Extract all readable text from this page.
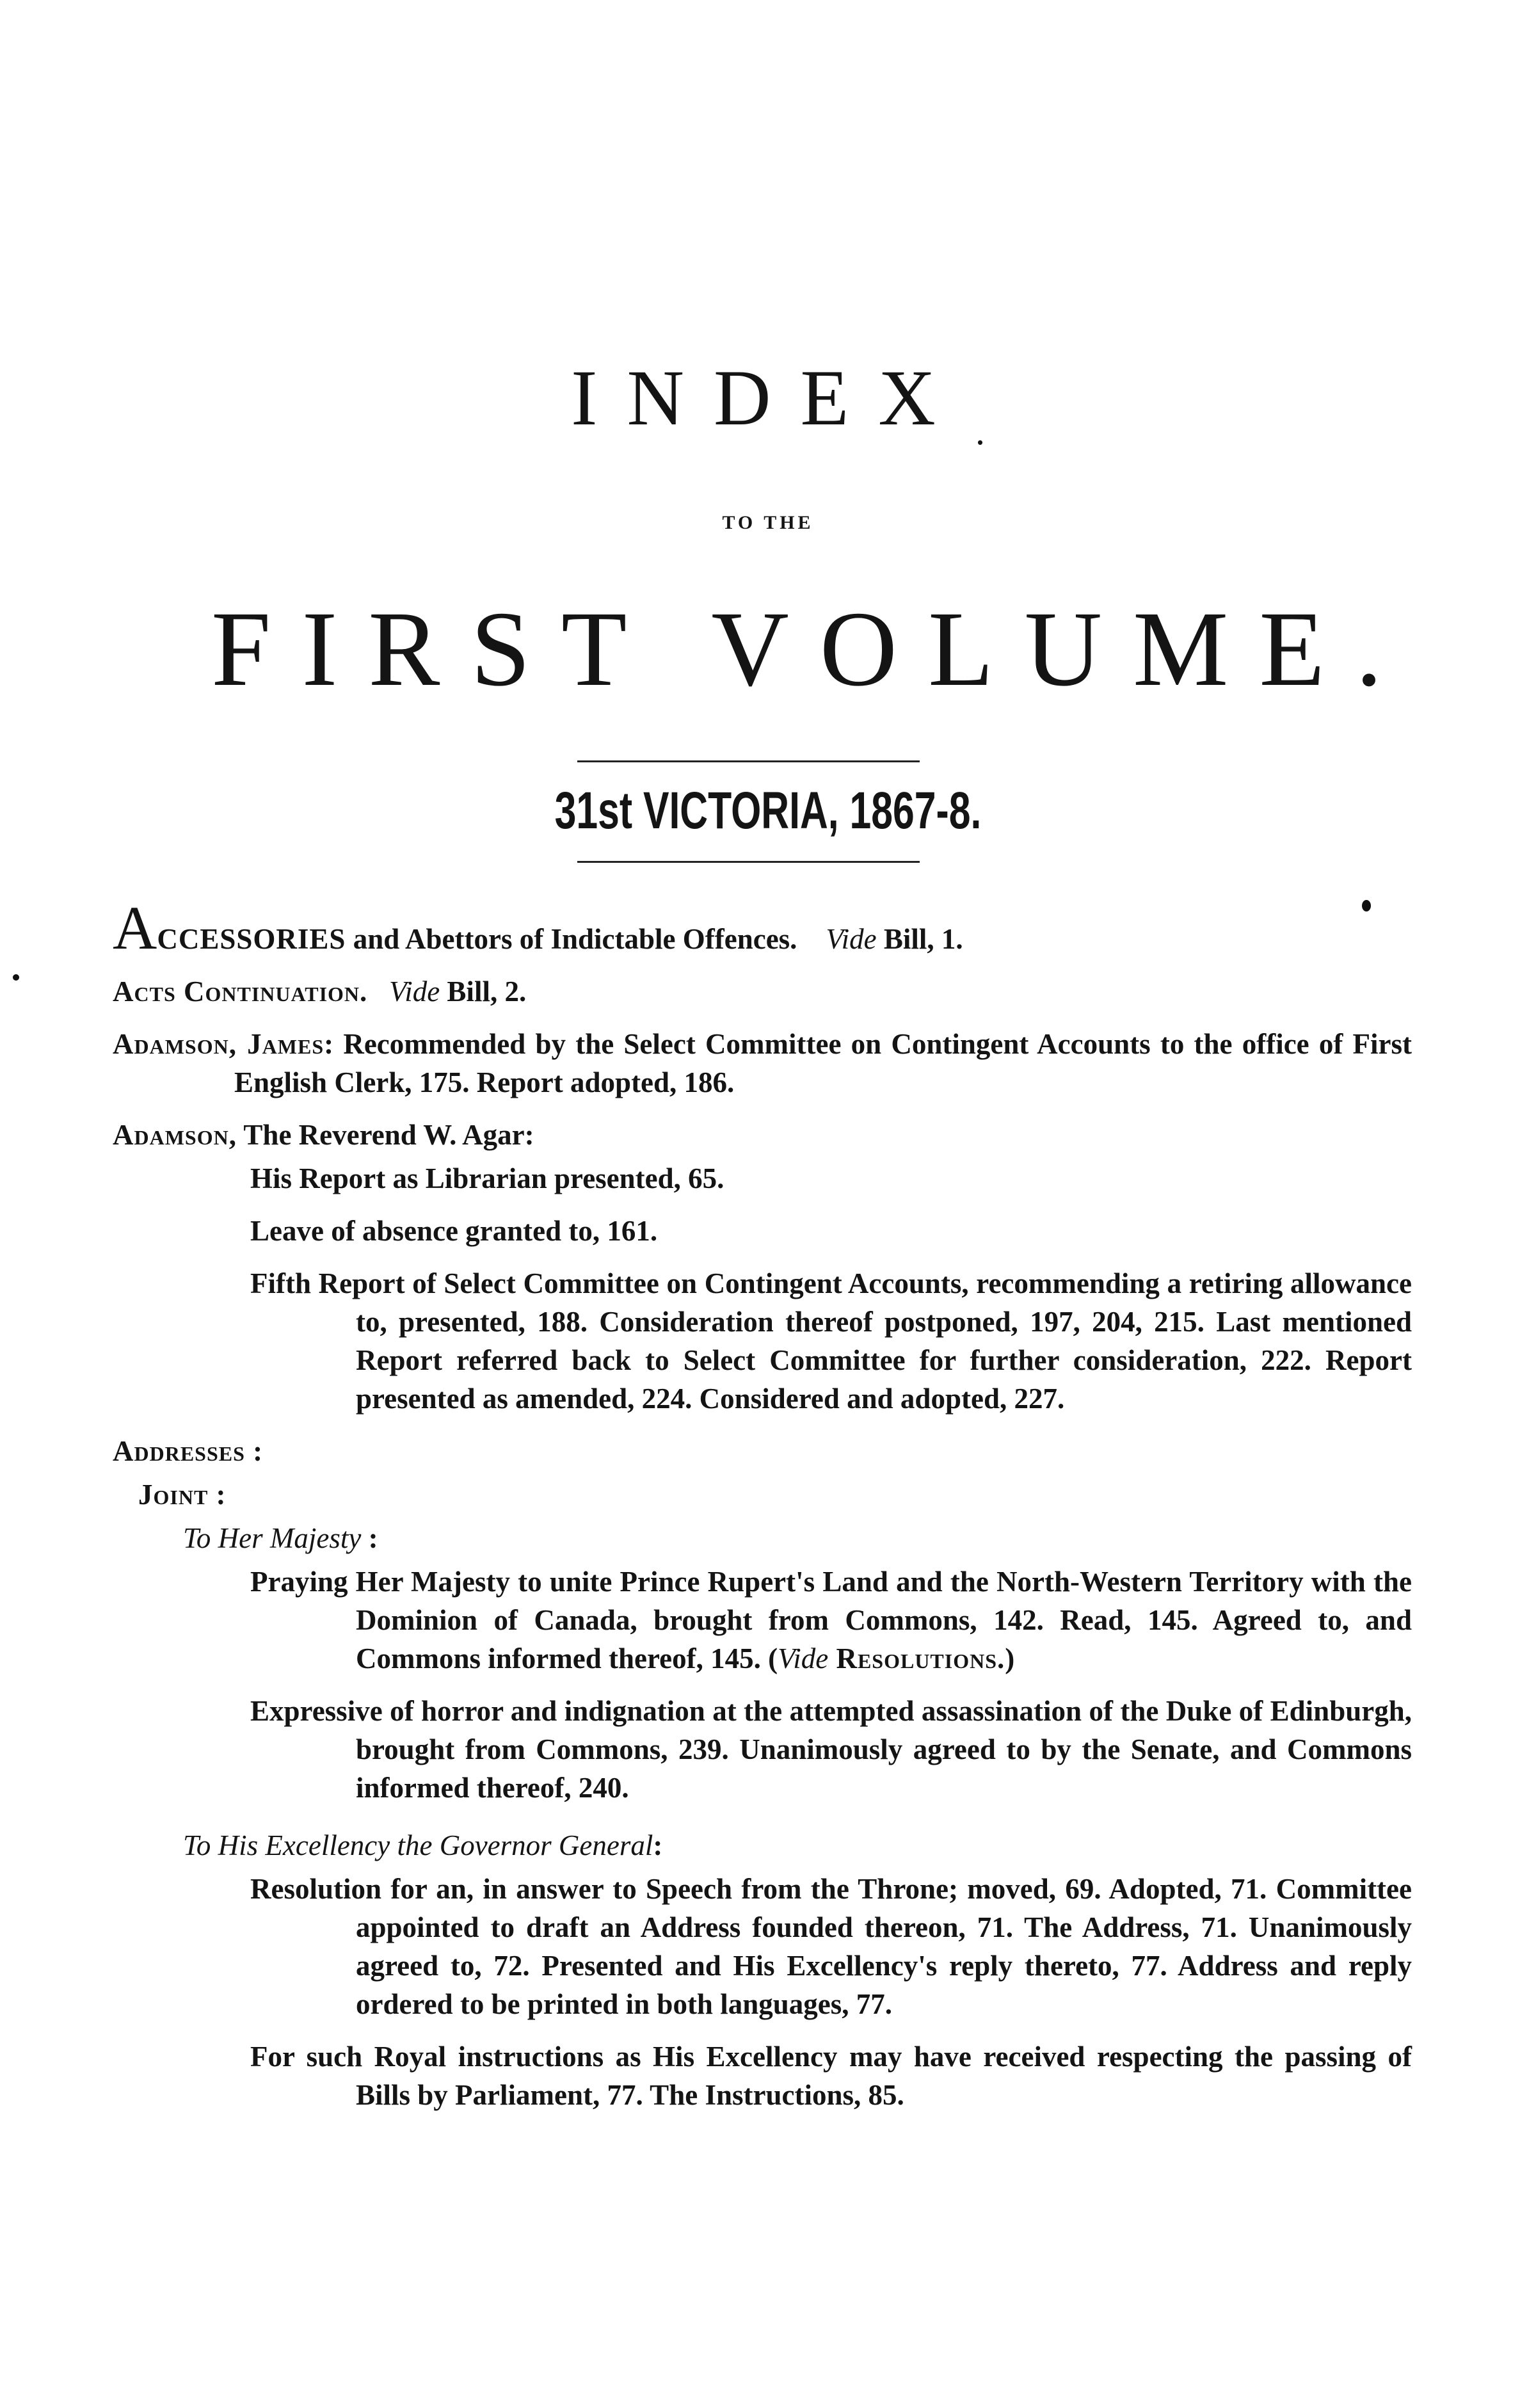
INDEX .
TO THE
FIRST VOLUME.
31st VICTORIA, 1867-8.
ACCESSORIES and Abettors of Indictable Offences. Vide Bill, 1.
Acts Continuation. Vide Bill, 2.
Adamson, James: Recommended by the Select Committee on Contingent Accounts to the office of First English Clerk, 175. Report adopted, 186.
Adamson, The Reverend W. Agar:
His Report as Librarian presented, 65.
Leave of absence granted to, 161.
Fifth Report of Select Committee on Contingent Accounts, recommending a retiring allowance to, presented, 188. Consideration thereof postponed, 197, 204, 215. Last mentioned Report referred back to Select Committee for further consideration, 222. Report presented as amended, 224. Considered and adopted, 227.
Addresses :
Joint :
To Her Majesty :
Praying Her Majesty to unite Prince Rupert's Land and the North-Western Territory with the Dominion of Canada, brought from Commons, 142. Read, 145. Agreed to, and Commons informed thereof, 145. (Vide Resolutions.)
Expressive of horror and indignation at the attempted assassination of the Duke of Edinburgh, brought from Commons, 239. Unanimously agreed to by the Senate, and Commons informed thereof, 240.
To His Excellency the Governor General:
Resolution for an, in answer to Speech from the Throne; moved, 69. Adopted, 71. Committee appointed to draft an Address founded thereon, 71. The Address, 71. Unanimously agreed to, 72. Presented and His Excellency's reply thereto, 77. Address and reply ordered to be printed in both languages, 77.
For such Royal instructions as His Excellency may have received respecting the passing of Bills by Parliament, 77. The Instructions, 85.
